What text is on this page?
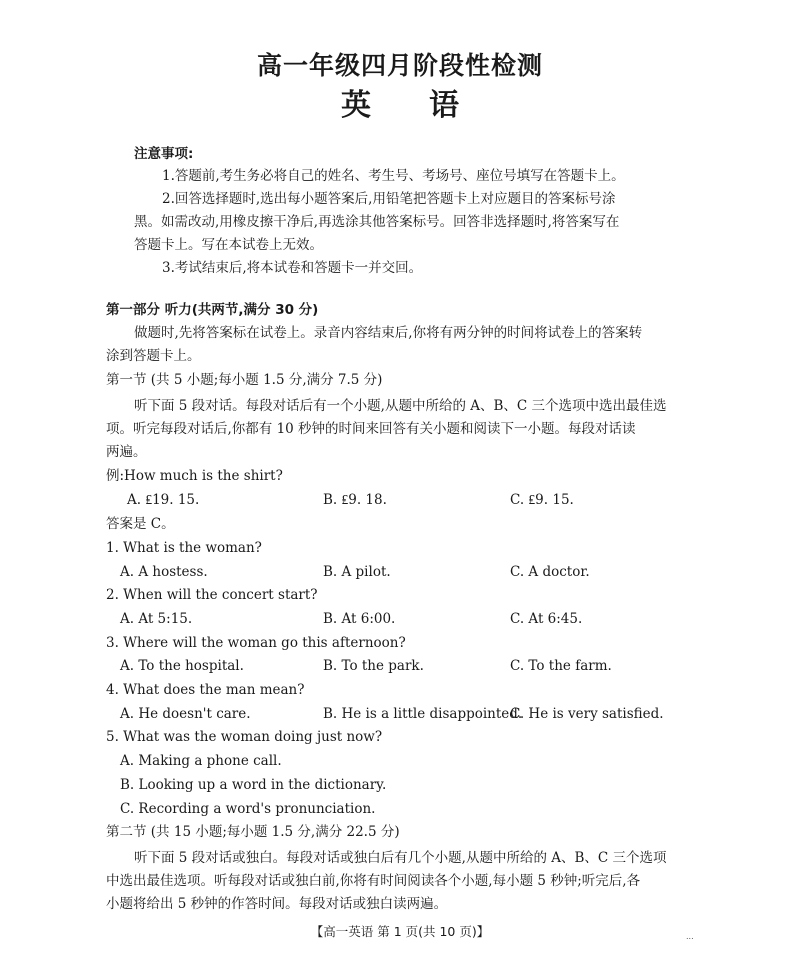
高一年级四月阶段性检测
英语
注意事项:
1.答题前,考生务必将自己的姓名、考生号、考场号、座位号填写在答题卡上。
2.回答选择题时,选出每小题答案后,用铅笔把答题卡上对应题目的答案标号涂
黑。如需改动,用橡皮擦干净后,再选涂其他答案标号。回答非选择题时,将答案写在
答题卡上。写在本试卷上无效。
3.考试结束后,将本试卷和答题卡一并交回。
第一部分 听力(共两节,满分 30 分)
做题时,先将答案标在试卷上。录音内容结束后,你将有两分钟的时间将试卷上的答案转
涂到答题卡上。
第一节 (共 5 小题;每小题 1.5 分,满分 7.5 分)
听下面 5 段对话。每段对话后有一个小题,从题中所给的 A、B、C 三个选项中选出最佳选
项。听完每段对话后,你都有 10 秒钟的时间来回答有关小题和阅读下一小题。每段对话读
两遍。
例:How much is the shirt?
A. ₤19. 15.	B. ₤9. 18.	C. ₤9. 15.
答案是 C。
1. What is the woman?
A. A hostess.	B. A pilot.	C. A doctor.
2. When will the concert start?
A. At 5:15.	B. At 6:00.	C. At 6:45.
3. Where will the woman go this afternoon?
A. To the hospital.	B. To the park.	C. To the farm.
4. What does the man mean?
A. He doesn't care.	B. He is a little disappointed.
C. He is very satisfied.
5. What was the woman doing just now?
A. Making a phone call.
B. Looking up a word in the dictionary.
C. Recording a word's pronunciation.
第二节 (共 15 小题;每小题 1.5 分,满分 22.5 分)
听下面 5 段对话或独白。每段对话或独白后有几个小题,从题中所给的 A、B、C 三个选项
中选出最佳选项。听每段对话或独白前,你将有时间阅读各个小题,每小题 5 秒钟;听完后,各
小题将给出 5 秒钟的作答时间。每段对话或独白读两遍。
【高一英语 第 1 页(共 10 页)】	...
